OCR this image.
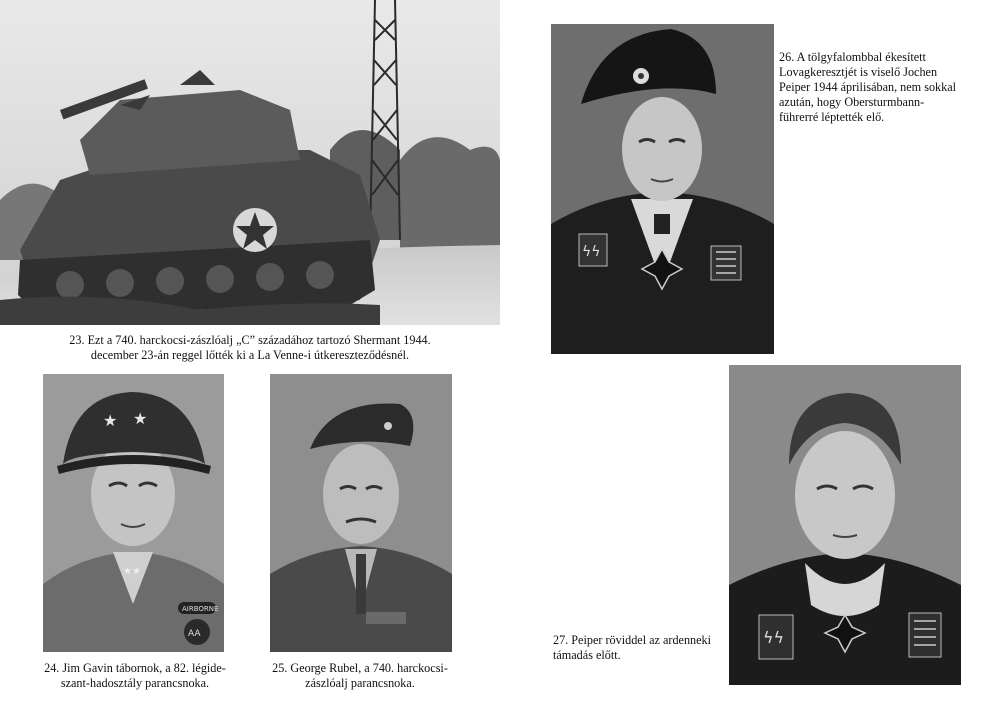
23. Ezt a 740. harckocsi-zászlóalj „C” századához tartozó Shermant 1944.
december 23-án reggel lőtték ki a La Venne-i útkereszteződésnél.
★ ★
★★
AIRBORNE
AA
24. Jim Gavin tábornok, a 82. légide-
szant-hadosztály parancsnoka.
25. George Rubel, a 740. harckocsi-
zászlóalj parancsnoka.
ϟϟ
26. A tölgyfalombbal ékesített
Lovagkeresztjét is viselő Jochen
Peiper 1944 áprilisában, nem sokkal
azután, hogy Obersturmbann-
führerré léptették elő.
ϟϟ
27. Peiper röviddel az ardenneki
támadás előtt.
